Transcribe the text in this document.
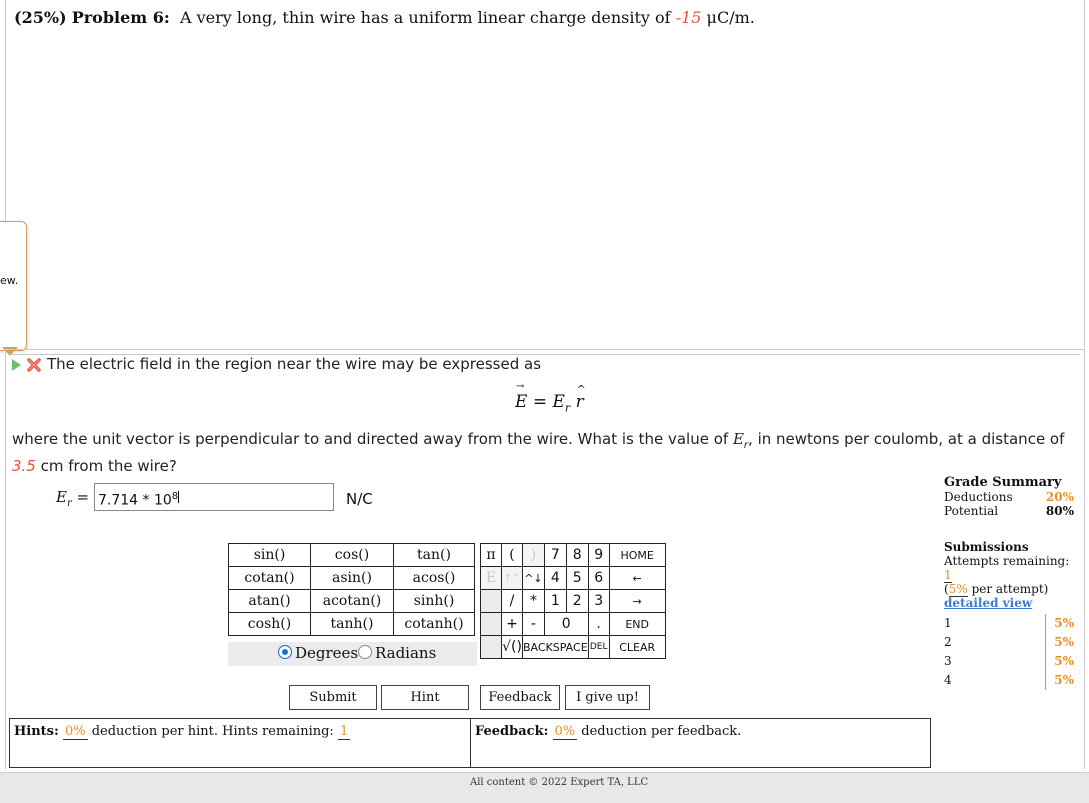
(25%) Problem 6: A very long, thin wire has a uniform linear charge density of -15 μC/m.
ew.
The electric field in the region near the wire may be expressed as
→ $E = E_r$ ^ r
where the unit vector is perpendicular to and directed away from the wire. What is the value of $E_r$, in newtons per coulomb, at a distance of 3.5 cm from the wire?
$E_r = 7.714 * 10^8$	N/C
sin()	cos()	tan()
cotan()	asin()	acos()
atan()	acotan()	sinh()
cosh()	tanh()	cotanh()
Degrees	Radians
π	(	)	7	8	9	HOME
E	↑^	^↓	4	5	6	←
	/	*	1	2	3	→
	+	-	0		.	END
	√()	BACKSPACE			DEL	CLEAR
Submit	Hint	Feedback	I give up!
Hints: 0% deduction per hint. Hints remaining: 1	Feedback: 0% deduction per feedback.
Grade Summary
Deductions	20%
Potential	80%
Submissions
Attempts remaining: 1
(5% per attempt)
detailed view
1	5%
2	5%
3	5%
4	5%
All content © 2022 Expert TA, LLC
